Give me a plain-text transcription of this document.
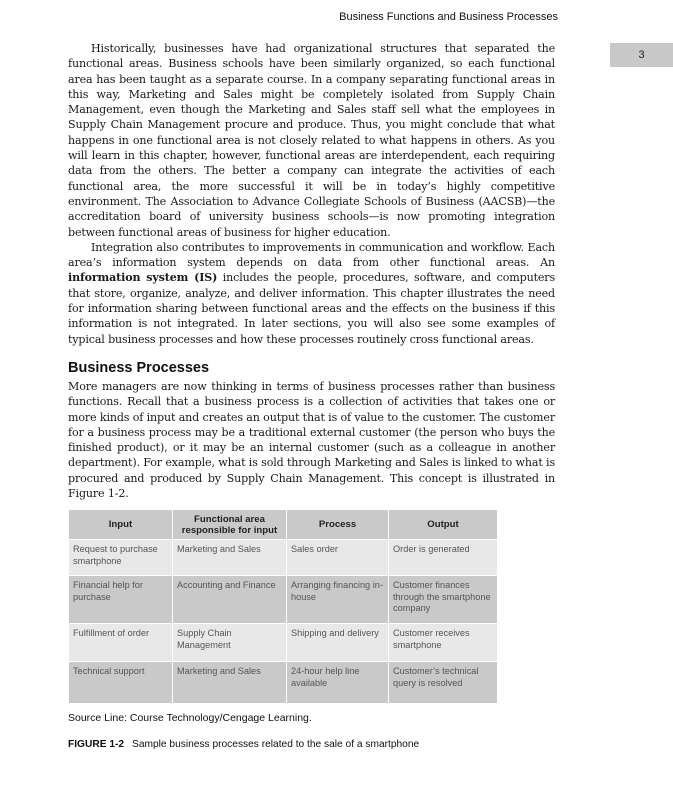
Business Functions and Business Processes
3

Historically, businesses have had organizational structures that separated the functional areas. Business schools have been similarly organized, so each functional area has been taught as a separate course. In a company separating functional areas in this way, Marketing and Sales might be completely isolated from Supply Chain Management, even though the Marketing and Sales staff sell what the employees in Supply Chain Management procure and produce. Thus, you might conclude that what happens in one functional area is not closely related to what happens in others. As you will learn in this chapter, however, functional areas are interdependent, each requiring data from the others. The better a company can integrate the activities of each functional area, the more successful it will be in today’s highly competitive environment. The Association to Advance Collegiate Schools of Business (AACSB)—the accreditation board of university business schools—is now promoting integration between functional areas of business for higher education.

Integration also contributes to improvements in communication and workflow. Each area’s information system depends on data from other functional areas. An information system (IS) includes the people, procedures, software, and computers that store, organize, analyze, and deliver information. This chapter illustrates the need for information sharing between functional areas and the effects on the business if this information is not integrated. In later sections, you will also see some examples of typical business processes and how these processes routinely cross functional areas.

Business Processes

More managers are now thinking in terms of business processes rather than business functions. Recall that a business process is a collection of activities that takes one or more kinds of input and creates an output that is of value to the customer. The customer for a business process may be a traditional external customer (the person who buys the finished product), or it may be an internal customer (such as a colleague in another department). For example, what is sold through Marketing and Sales is linked to what is procured and produced by Supply Chain Management. This concept is illustrated in Figure 1-2.

Input	Functional area responsible for input	Process	Output
Request to purchase smartphone	Marketing and Sales	Sales order	Order is generated
Financial help for purchase	Accounting and Finance	Arranging financing in-house	Customer finances through the smartphone company
Fulfillment of order	Supply Chain Management	Shipping and delivery	Customer receives smartphone
Technical support	Marketing and Sales	24-hour help line available	Customer’s technical query is resolved
Source Line: Course Technology/Cengage Learning.
FIGURE 1-2 Sample business processes related to the sale of a smartphone
